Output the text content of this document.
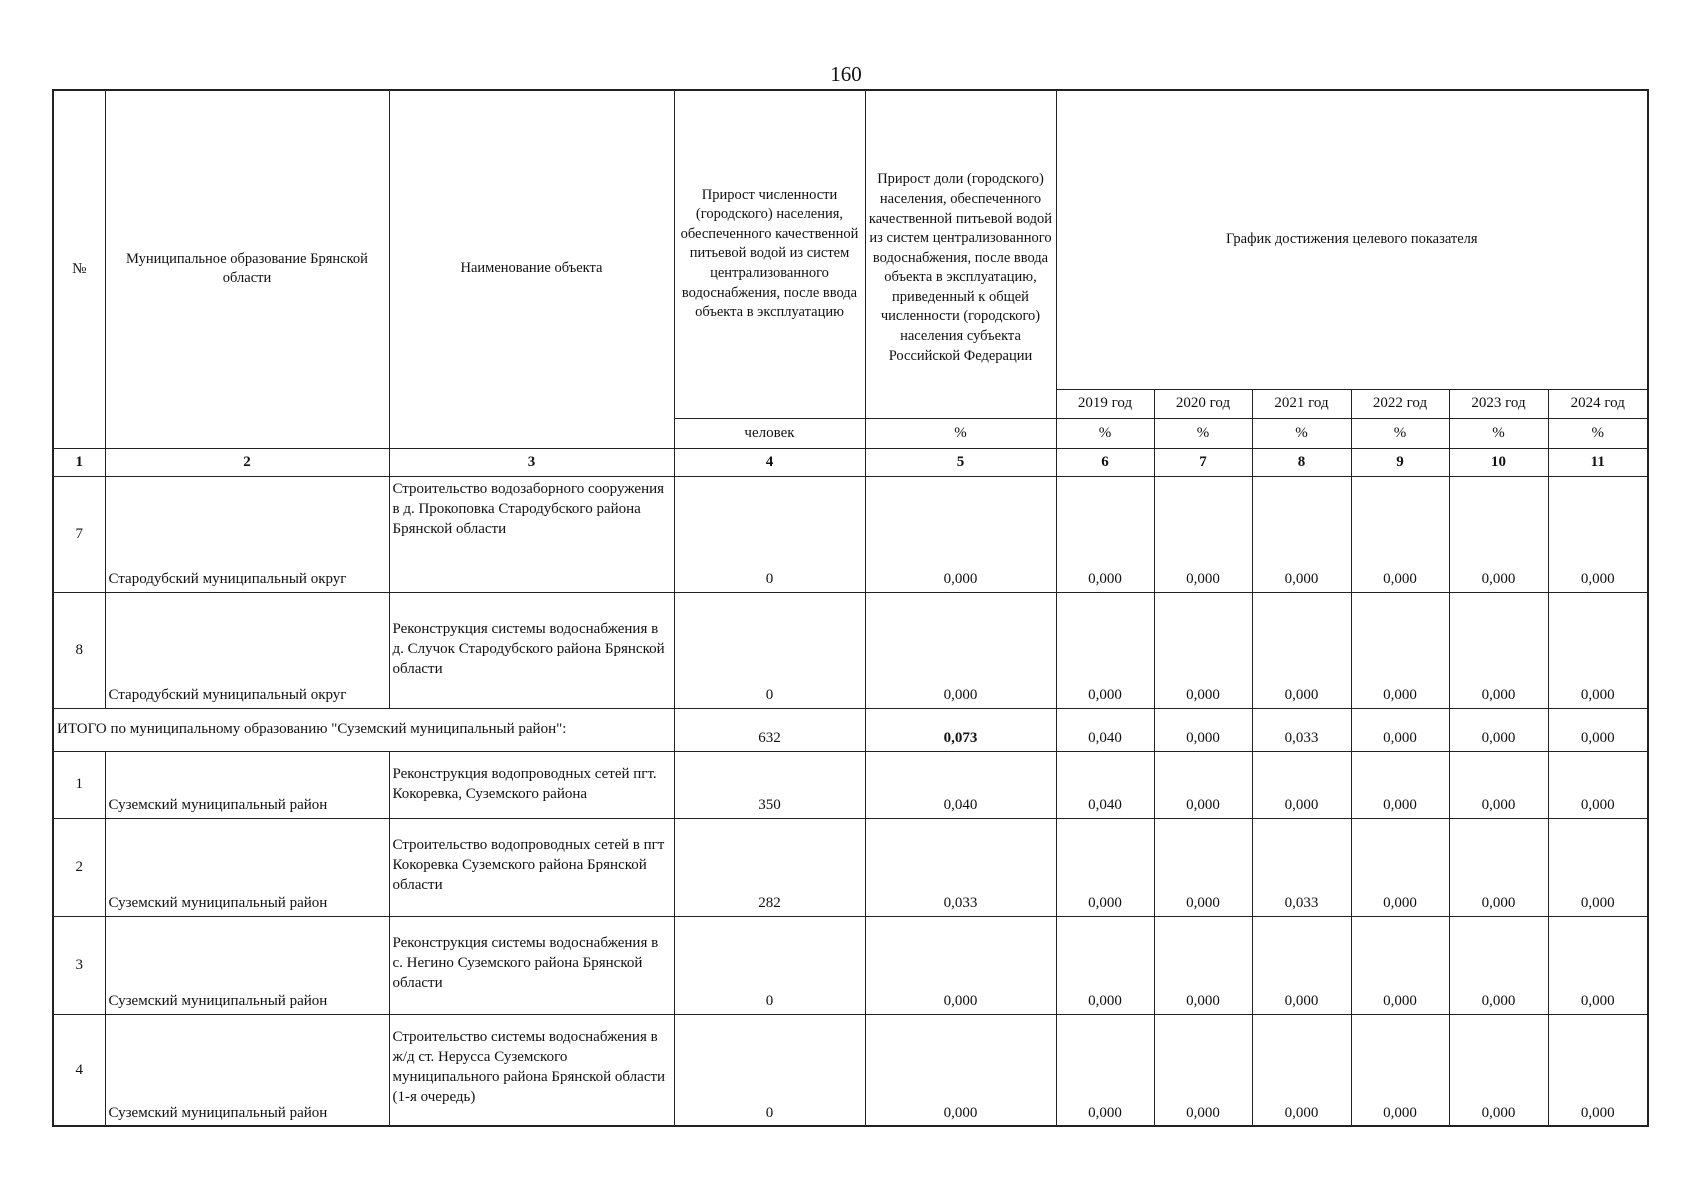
160
№	Муниципальное образование Брянской области	Наименование объекта	Прирост численности (городского) населения, обеспеченного качественной питьевой водой из систем централизованного водоснабжения, после ввода объекта в эксплуатацию	Прирост доли (городского) населения, обеспеченного качественной питьевой водой из систем централизованного водоснабжения, после ввода объекта в эксплуатацию, приведенный к общей численности (городского) населения субъекта Российской Федерации	График достижения целевого показателя					
					2019 год	2020 год	2021 год	2022 год	2023 год	2024 год
			человек	%	%	%	%	%	%	%
1	2	3	4	5	6	7	8	9	10	11
7	Стародубский муниципальный округ	Строительство водозаборного сооружения в д. Прокоповка Стародубского района Брянской области	0	0,000	0,000	0,000	0,000	0,000	0,000	0,000
8	Стародубский муниципальный округ	Реконструкция системы водоснабжения в д. Случок Стародубского района Брянской области	0	0,000	0,000	0,000	0,000	0,000	0,000	0,000
ИТОГО по муниципальному образованию "Суземский муниципальный район":			632	0,073	0,040	0,000	0,033	0,000	0,000	0,000
1	Суземский муниципальный район	Реконструкция водопроводных сетей пгт. Кокоревка, Суземского района	350	0,040	0,040	0,000	0,000	0,000	0,000	0,000
2	Суземский муниципальный район	Строительство водопроводных сетей в пгт Кокоревка Суземского района Брянской области	282	0,033	0,000	0,000	0,033	0,000	0,000	0,000
3	Суземский муниципальный район	Реконструкция системы водоснабжения в с. Негино Суземского района Брянской области	0	0,000	0,000	0,000	0,000	0,000	0,000	0,000
4	Суземский муниципальный район	Строительство системы водоснабжения в ж/д ст. Нерусса Суземского муниципального района Брянской области (1-я очередь)	0	0,000	0,000	0,000	0,000	0,000	0,000	0,000
